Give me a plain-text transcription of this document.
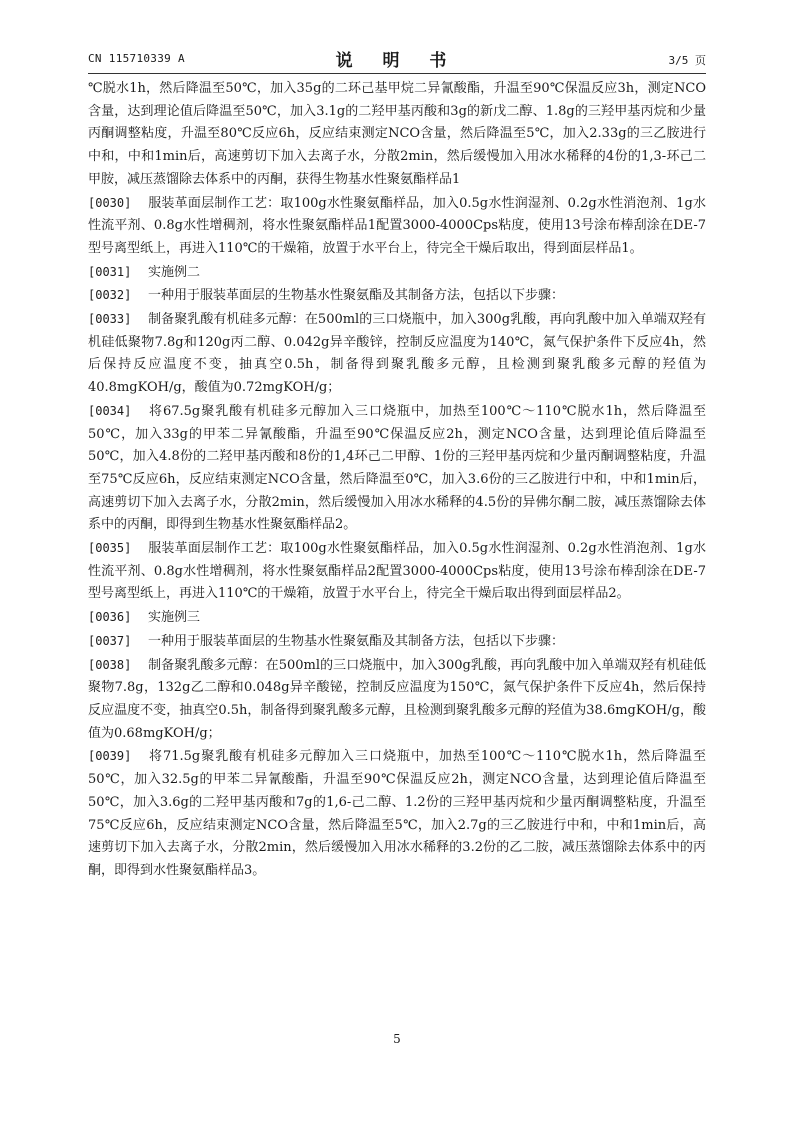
CN 115710339 A	说 明 书	3/5 页

℃脱水1h，然后降温至50℃，加入35g的二环己基甲烷二异氰酸酯，升温至90℃保温反应3h，测定NCO含量，达到理论值后降温至50℃，加入3.1g的二羟甲基丙酸和3g的新戊二醇、1.8g的三羟甲基丙烷和少量丙酮调整粘度，升温至80℃反应6h，反应结束测定NCO含量，然后降温至5℃，加入2.33g的三乙胺进行中和，中和1min后，高速剪切下加入去离子水，分散2min，然后缓慢加入用冰水稀释的4份的1,3-环己二甲胺，减压蒸馏除去体系中的丙酮，获得生物基水性聚氨酯样品1

[0030] 服装革面层制作工艺：取100g水性聚氨酯样品，加入0.5g水性润湿剂、0.2g水性消泡剂、1g水性流平剂、0.8g水性增稠剂，将水性聚氨酯样品1配置3000-4000Cps粘度，使用13号涂布棒刮涂在DE-7型号离型纸上，再进入110℃的干燥箱，放置于水平台上，待完全干燥后取出，得到面层样品1。

[0031] 实施例二

[0032] 一种用于服装革面层的生物基水性聚氨酯及其制备方法，包括以下步骤：

[0033] 制备聚乳酸有机硅多元醇：在500ml的三口烧瓶中，加入300g乳酸，再向乳酸中加入单端双羟有机硅低聚物7.8g和120g丙二醇、0.042g异辛酸锌，控制反应温度为140℃，氮气保护条件下反应4h，然后保持反应温度不变，抽真空0.5h，制备得到聚乳酸多元醇，且检测到聚乳酸多元醇的羟值为40.8mgKOH/g，酸值为0.72mgKOH/g；

[0034] 将67.5g聚乳酸有机硅多元醇加入三口烧瓶中，加热至100℃～110℃脱水1h，然后降温至50℃，加入33g的甲苯二异氰酸酯，升温至90℃保温反应2h，测定NCO含量，达到理论值后降温至50℃，加入4.8份的二羟甲基丙酸和8份的1,4环己二甲醇、1份的三羟甲基丙烷和少量丙酮调整粘度，升温至75℃反应6h，反应结束测定NCO含量，然后降温至0℃，加入3.6份的三乙胺进行中和，中和1min后，高速剪切下加入去离子水，分散2min，然后缓慢加入用冰水稀释的4.5份的异佛尔酮二胺，减压蒸馏除去体系中的丙酮，即得到生物基水性聚氨酯样品2。

[0035] 服装革面层制作工艺：取100g水性聚氨酯样品，加入0.5g水性润湿剂、0.2g水性消泡剂、1g水性流平剂、0.8g水性增稠剂，将水性聚氨酯样品2配置3000-4000Cps粘度，使用13号涂布棒刮涂在DE-7型号离型纸上，再进入110℃的干燥箱，放置于水平台上，待完全干燥后取出得到面层样品2。

[0036] 实施例三

[0037] 一种用于服装革面层的生物基水性聚氨酯及其制备方法，包括以下步骤：

[0038] 制备聚乳酸多元醇：在500ml的三口烧瓶中，加入300g乳酸，再向乳酸中加入单端双羟有机硅低聚物7.8g，132g乙二醇和0.048g异辛酸铋，控制反应温度为150℃，氮气保护条件下反应4h，然后保持反应温度不变，抽真空0.5h，制备得到聚乳酸多元醇，且检测到聚乳酸多元醇的羟值为38.6mgKOH/g，酸值为0.68mgKOH/g；

[0039] 将71.5g聚乳酸有机硅多元醇加入三口烧瓶中，加热至100℃～110℃脱水1h，然后降温至50℃，加入32.5g的甲苯二异氰酸酯，升温至90℃保温反应2h，测定NCO含量，达到理论值后降温至50℃，加入3.6g的二羟甲基丙酸和7g的1,6-己二醇、1.2份的三羟甲基丙烷和少量丙酮调整粘度，升温至75℃反应6h，反应结束测定NCO含量，然后降温至5℃，加入2.7g的三乙胺进行中和，中和1min后，高速剪切下加入去离子水，分散2min，然后缓慢加入用冰水稀释的3.2份的乙二胺，减压蒸馏除去体系中的丙酮，即得到水性聚氨酯样品3。

5
